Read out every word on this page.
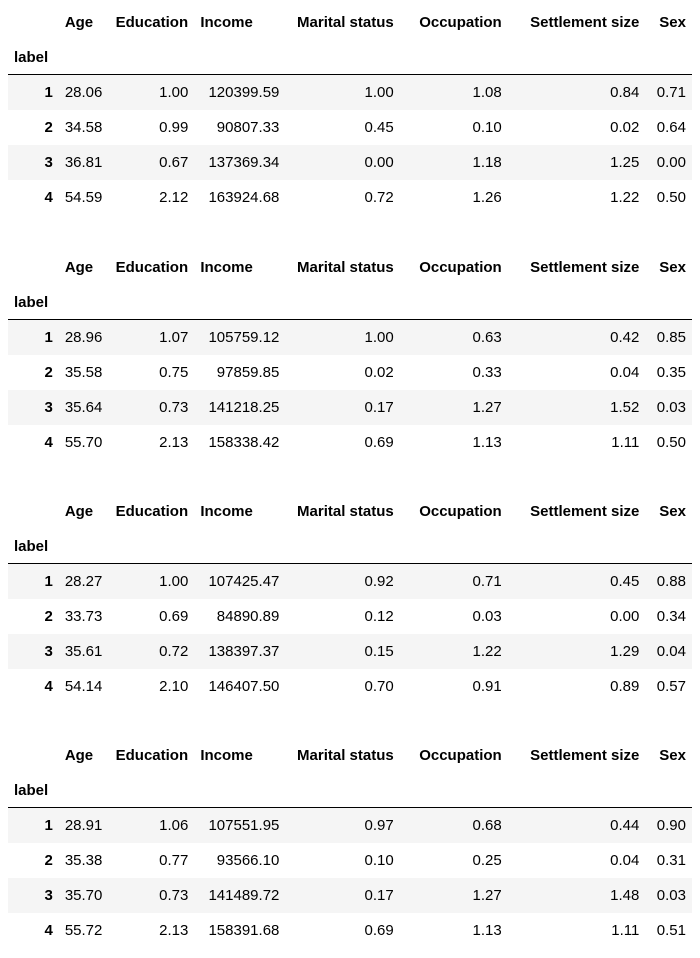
	Age	Education	Income	Marital status	Occupation	Settlement size	Sex
label							
1	28.06	1.00	120399.59	1.00	1.08	0.84	0.71
2	34.58	0.99	90807.33	0.45	0.10	0.02	0.64
3	36.81	0.67	137369.34	0.00	1.18	1.25	0.00
4	54.59	2.12	163924.68	0.72	1.26	1.22	0.50
	Age	Education	Income	Marital status	Occupation	Settlement size	Sex
label							
1	28.96	1.07	105759.12	1.00	0.63	0.42	0.85
2	35.58	0.75	97859.85	0.02	0.33	0.04	0.35
3	35.64	0.73	141218.25	0.17	1.27	1.52	0.03
4	55.70	2.13	158338.42	0.69	1.13	1.11	0.50
	Age	Education	Income	Marital status	Occupation	Settlement size	Sex
label							
1	28.27	1.00	107425.47	0.92	0.71	0.45	0.88
2	33.73	0.69	84890.89	0.12	0.03	0.00	0.34
3	35.61	0.72	138397.37	0.15	1.22	1.29	0.04
4	54.14	2.10	146407.50	0.70	0.91	0.89	0.57
	Age	Education	Income	Marital status	Occupation	Settlement size	Sex
label							
1	28.91	1.06	107551.95	0.97	0.68	0.44	0.90
2	35.38	0.77	93566.10	0.10	0.25	0.04	0.31
3	35.70	0.73	141489.72	0.17	1.27	1.48	0.03
4	55.72	2.13	158391.68	0.69	1.13	1.11	0.51
